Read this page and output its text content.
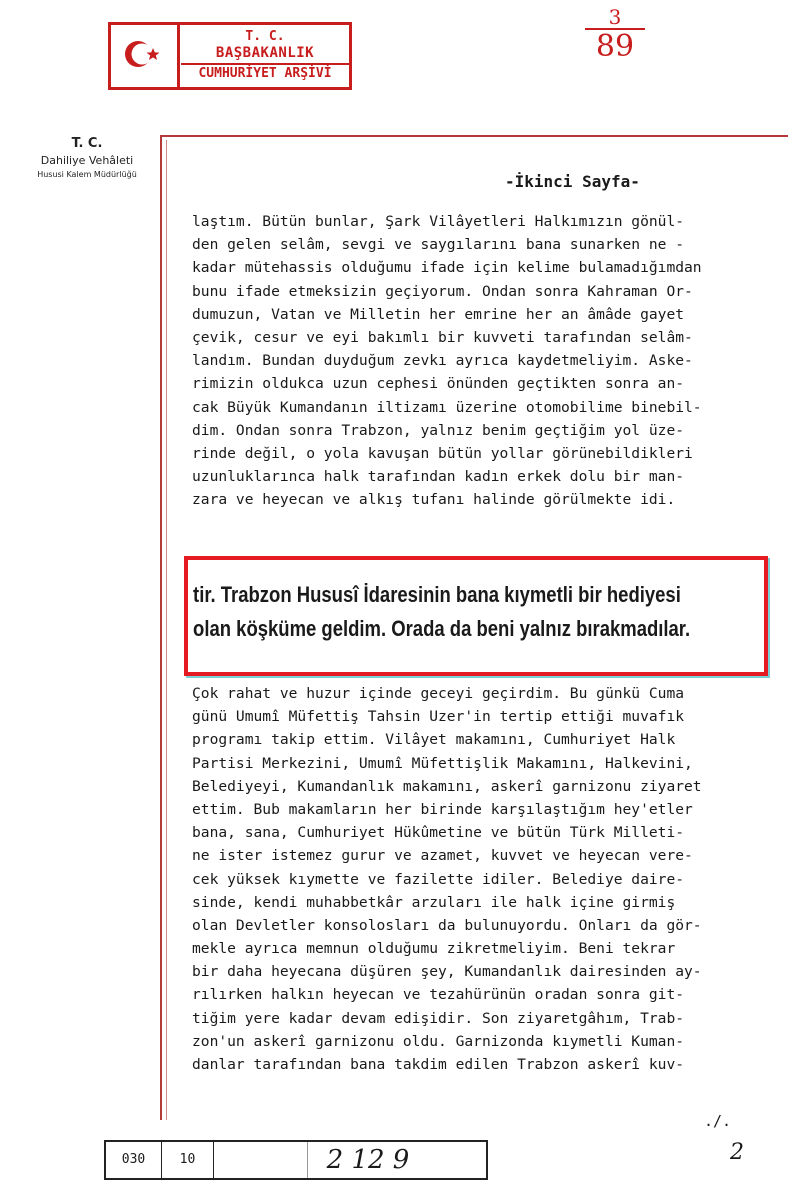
T. C.
BAŞBAKANLIK
CUMHURİYET ARŞİVİ
3
89
T. C.
Dahiliye Vehâleti
Hususi Kalem Müdürlüğü	-İkinci Sayfa-
laştım. Bütün bunlar, Şark Vilâyetleri Halkımızın gönül-
den gelen selâm, sevgi ve saygılarını bana sunarken ne -
kadar mütehassis olduğumu ifade için kelime bulamadığımdan
bunu ifade etmeksizin geçiyorum. Ondan sonra Kahraman Or-
dumuzun, Vatan ve Milletin her emrine her an âmâde gayet
çevik, cesur ve eyi bakımlı bir kuvveti tarafından selâm-
landım. Bundan duyduğum zevkı ayrıca kaydetmeliyim. Aske-
rimizin oldukca uzun cephesi önünden geçtikten sonra an-
cak Büyük Kumandanın iltizamı üzerine otomobilime binebil-
dim. Ondan sonra Trabzon, yalnız benim geçtiğim yol üze-
rinde değil, o yola kavuşan bütün yollar görünebildikleri
uzunluklarınca halk tarafından kadın erkek dolu bir man-
zara ve heyecan ve alkış tufanı halinde görülmekte idi.
tir. Trabzon Hususî İdaresinin bana kıymetli bir hediyesi
olan köşküme geldim. Orada da beni yalnız bırakmadılar.
Çok rahat ve huzur içinde geceyi geçirdim. Bu günkü Cuma
günü Umumî Müfettiş Tahsin Uzer'in tertip ettiği muvafık
programı takip ettim. Vilâyet makamını, Cumhuriyet Halk
Partisi Merkezini, Umumî Müfettişlik Makamını, Halkevini,
Belediyeyi, Kumandanlık makamını, askerî garnizonu ziyaret
ettim. Bub makamların her birinde karşılaştığım hey'etler
bana, sana, Cumhuriyet Hükûmetine ve bütün Türk Milleti-
ne ister istemez gurur ve azamet, kuvvet ve heyecan vere-
cek yüksek kıymette ve fazilette idiler. Belediye daire-
sinde, kendi muhabbetkâr arzuları ile halk içine girmiş
olan Devletler konsolosları da bulunuyordu. Onları da gör-
mekle ayrıca memnun olduğumu zikretmeliyim. Beni tekrar
bir daha heyecana düşüren şey, Kumandanlık dairesinden ay-
rılırken halkın heyecan ve tezahürünün oradan sonra git-
tiğim yere kadar devam edişidir. Son ziyaretgâhım, Trab-
zon'un askerî garnizonu oldu. Garnizonda kıymetli Kuman-
danlar tarafından bana takdim edilen Trabzon askerî kuv-
./.
030	10	2 12 9	2
